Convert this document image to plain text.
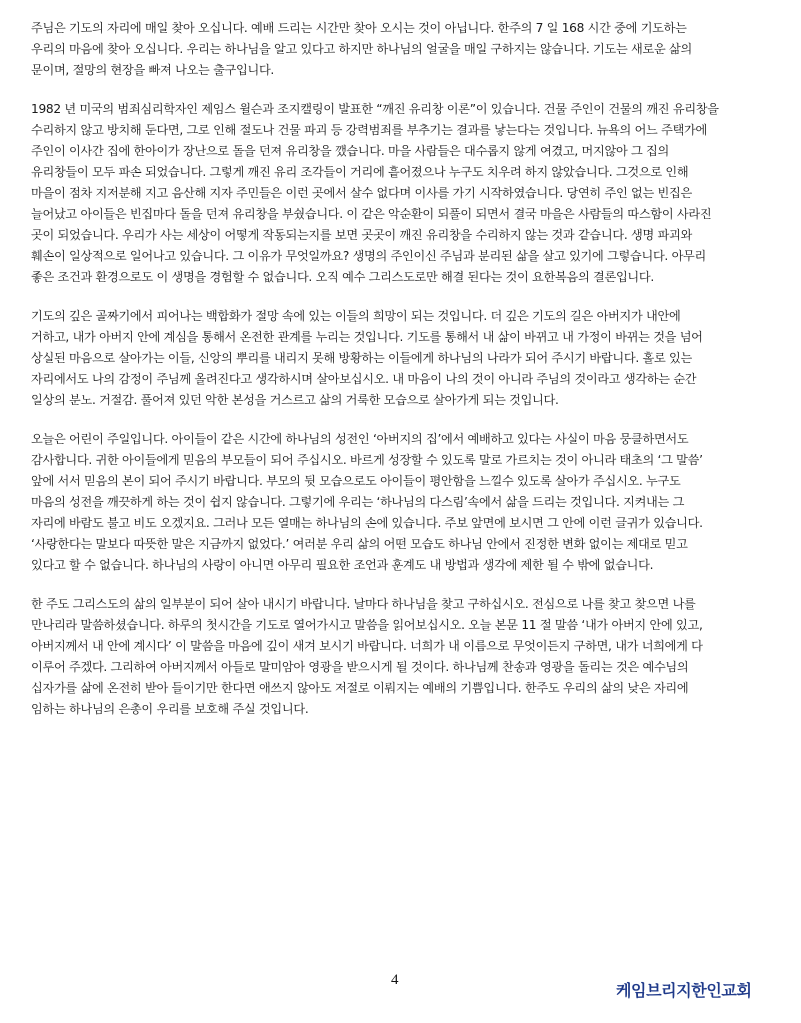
주님은 기도의 자리에 매일 찾아 오십니다. 예배 드리는 시간만 찾아 오시는 것이 아닙니다. 한주의 7 일 168 시간 중에 기도하는
우리의 마음에 찾아 오십니다. 우리는 하나님을 알고 있다고 하지만 하나님의 얼굴을 매일 구하지는 않습니다. 기도는 새로운 삶의
문이며, 절망의 현장을 빠져 나오는 출구입니다.
1982 년 미국의 범죄심리학자인 제임스 윌슨과 조지캘링이 발표한 “깨진 유리창 이론”이 있습니다. 건물 주인이 건물의 깨진 유리창을
수리하지 않고 방치해 둔다면, 그로 인해 절도나 건물 파괴 등 강력범죄를 부추기는 결과를 낳는다는 것입니다. 뉴욕의 어느 주택가에
주인이 이사간 집에 한아이가 장난으로 돌을 던져 유리창을 깼습니다. 마을 사람들은 대수롭지 않게 여겼고, 머지않아 그 집의
유리창들이 모두 파손 되었습니다. 그렇게 깨진 유리 조각들이 거리에 흩어졌으나 누구도 치우려 하지 않았습니다. 그것으로 인해
마을이 점차 지저분해 지고 음산해 지자 주민들은 이런 곳에서 살수 없다며 이사를 가기 시작하였습니다. 당연히 주인 없는 빈집은
늘어났고 아이들은 빈집마다 돌을 던져 유리창을 부쉈습니다. 이 같은 악순환이 되풀이 되면서 결국 마을은 사람들의 따스함이 사라진
곳이 되었습니다. 우리가 사는 세상이 어떻게 작동되는지를 보면 곳곳이 깨진 유리창을 수리하지 않는 것과 같습니다. 생명 파괴와
훼손이 일상적으로 일어나고 있습니다. 그 이유가 무엇일까요? 생명의 주인이신 주님과 분리된 삶을 살고 있기에 그렇습니다. 아무리
좋은 조건과 환경으로도 이 생명을 경험할 수 없습니다. 오직 예수 그리스도로만 해결 된다는 것이 요한복음의 결론입니다.
기도의 깊은 골짜기에서 피어나는 백합화가 절망 속에 있는 이들의 희망이 되는 것입니다. 더 깊은 기도의 길은 아버지가 내안에
거하고, 내가 아버지 안에 계심을 통해서 온전한 관계를 누리는 것입니다. 기도를 통해서 내 삶이 바뀌고 내 가정이 바뀌는 것을 넘어
상실된 마음으로 살아가는 이들, 신앙의 뿌리를 내리지 못해 방황하는 이들에게 하나님의 나라가 되어 주시기 바랍니다. 홀로 있는
자리에서도 나의 감정이 주님께 올려진다고 생각하시며 살아보십시오. 내 마음이 나의 것이 아니라 주님의 것이라고 생각하는 순간
일상의 분노. 거절감. 풀어져 있던 악한 본성을 거스르고 삶의 거룩한 모습으로 살아가게 되는 것입니다.
오늘은 어린이 주일입니다. 아이들이 같은 시간에 하나님의 성전인 ‘아버지의 집’에서 예배하고 있다는 사실이 마음 뭉클하면서도
감사합니다. 귀한 아이들에게 믿음의 부모들이 되어 주십시오. 바르게 성장할 수 있도록 말로 가르치는 것이 아니라 태초의 ‘그 말씀’
앞에 서서 믿음의 본이 되어 주시기 바랍니다. 부모의 뒷 모습으로도 아이들이 평안함을 느낄수 있도록 살아가 주십시오. 누구도
마음의 성전을 깨끗하게 하는 것이 쉽지 않습니다. 그렇기에 우리는 ‘하나님의 다스림’속에서 삶을 드리는 것입니다. 지켜내는 그
자리에 바람도 불고 비도 오겠지요. 그러나 모든 열매는 하나님의 손에 있습니다. 주보 앞면에 보시면 그 안에 이런 글귀가 있습니다.
‘사랑한다는 말보다 따뜻한 말은 지금까지 없었다.’ 여러분 우리 삶의 어떤 모습도 하나님 안에서 진정한 변화 없이는 제대로 믿고
있다고 할 수 없습니다. 하나님의 사랑이 아니면 아무리 필요한 조언과 훈계도 내 방법과 생각에 제한 될 수 밖에 없습니다.
한 주도 그리스도의 삶의 일부분이 되어 살아 내시기 바랍니다. 날마다 하나님을 찾고 구하십시오. 전심으로 나를 찾고 찾으면 나를
만나리라 말씀하셨습니다. 하루의 첫시간을 기도로 열어가시고 말씀을 읽어보십시오. 오늘 본문 11 절 말씀 ‘내가 아버지 안에 있고,
아버지께서 내 안에 계시다’ 이 말씀을 마음에 깊이 새겨 보시기 바랍니다. 너희가 내 이름으로 무엇이든지 구하면, 내가 너희에게 다
이루어 주겠다. 그리하여 아버지께서 아들로 말미암아 영광을 받으시게 될 것이다. 하나님께 찬송과 영광을 돌리는 것은 예수님의
십자가를 삶에 온전히 받아 들이기만 한다면 애쓰지 않아도 저절로 이뤄지는 예배의 기쁨입니다. 한주도 우리의 삶의 낮은 자리에
임하는 하나님의 은총이 우리를 보호해 주실 것입니다.
4
케임브리지한인교회
